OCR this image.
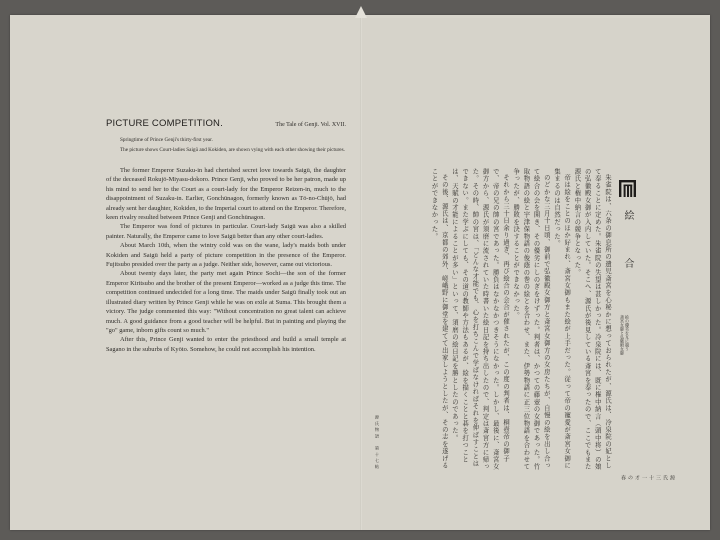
PICTURE COMPETITION.	The Tale of Genji. Vol. XVII.

Springtime of Prince Genji's thirty-first year.

The picture shows Court-ladies Saigū and Kokiden, are shown vying with each other showing their pictures.

The former Emperor Suzaku-in had cherished secret love towards Saigū, the daughter of the deceased Rokujō-Miyasu-dokoro. Prince Genji, who proved to be her patron, made up his mind to send her to the Court as a court-lady for the Emperor Reizen-in, much to the disappointment of Suzaku-in. Earlier, Gonchūnagon, formerly known as Tō-no-Chūjō, had already sent her daughter, Kokiden, to the Imperial court to attend on the Emperor. Therefore, keen rivalry resulted between Prince Genji and Gonchūnagon.

The Emperor was fond of pictures in particular. Court-lady Saigū was also a skilled painter. Naturally, the Emperor came to love Saigū better than any other court-ladies.

About March 10th, when the wintry cold was on the wane, lady's maids both under Kokiden and Saigū held a party of picture competition in the presence of the Emperor. Fujitsubo presided over the party as a judge. Neither side, however, came out victorious.

About twenty days later, the party met again Prince Sochi—the son of the former Emperor Kiritsubo and the brother of the present Emperor—worked as a judge this time. The competition continued undecided for a long time. The maids under Saigū finally took out an illustrated diary written by Prince Genji while he was on exile at Suma. This brought them a victory. The judge commented this way: "Without concentration no great talent can achieve much. A good guidance from a good teacher will be helpful. But in painting and playing the "go" game, inborn gifts count so much."

After this, Prince Genji wanted to enter the priesthood and build a small temple at Sagano in the suburbs of Kyōto. Somehow, he could not accomplish his intention.

絵合
絵の優劣を互に競う
斎宮女御と弘徽殿女御
源氏三十一才の春

朱雀院は、六条の御息所の遺児斎宮を心秘かに想っておられたが、源氏は、冷泉院の妃として奉ることに定めた。朱雀院の失望は甚しかった。冷泉院には、既に権中納言（頭中将）の娘の弘徽殿女御が入内していた。そこへ、源氏が後見している斎宮を奉ったので、ここでもまた源氏と権中納言の競争となった。

帝は絵をことのほか好まれ、斎宮女御もまた絵が上手だった。従って帝の寵愛が斎宮女御に集まるのは自然だった。

のどかな三月十日頃、御前で弘徽殿女御方と斎宮女御方の女房たちが、自慢の絵を出し合って絵合の会を開き、その優劣にしのぎをけずった。判者は、かつての藤壺の女御であった。竹取物語の絵と宇津保物語の俊蔭の巻の絵とを合わせ、また、伊勢物語に正三位物語を合わせて争ったが、勝敗を決することができなかった。

それから三十日余り過ぎ、再び絵合の会合が催されたが、この度の判者は、桐壺帝の御子で、帝の兄の帥の宮であった。勝負はなかなかつきそうになかった。しかし、最後に、斎宮女御方から、源氏が須磨に流されていた時書いた絵日記を持ち出したので、判定は斎宮方に帰った。その時、帥の宮は、「どんな才能でも、心を打ちこんで学ばなければそれを伸ばすことはできない。また学ぶにしても、その道の教師や方法もあるが、絵を描くことと碁を打つことは、天賦の才能によることが多い」といって、須磨の絵日記を勝としたのであった。

その後、源氏は、京都の郊外、嵯峨野に御堂を建てて出家しようとしたが、その志を遂げることができなかった。

源氏物語　第十七帖
